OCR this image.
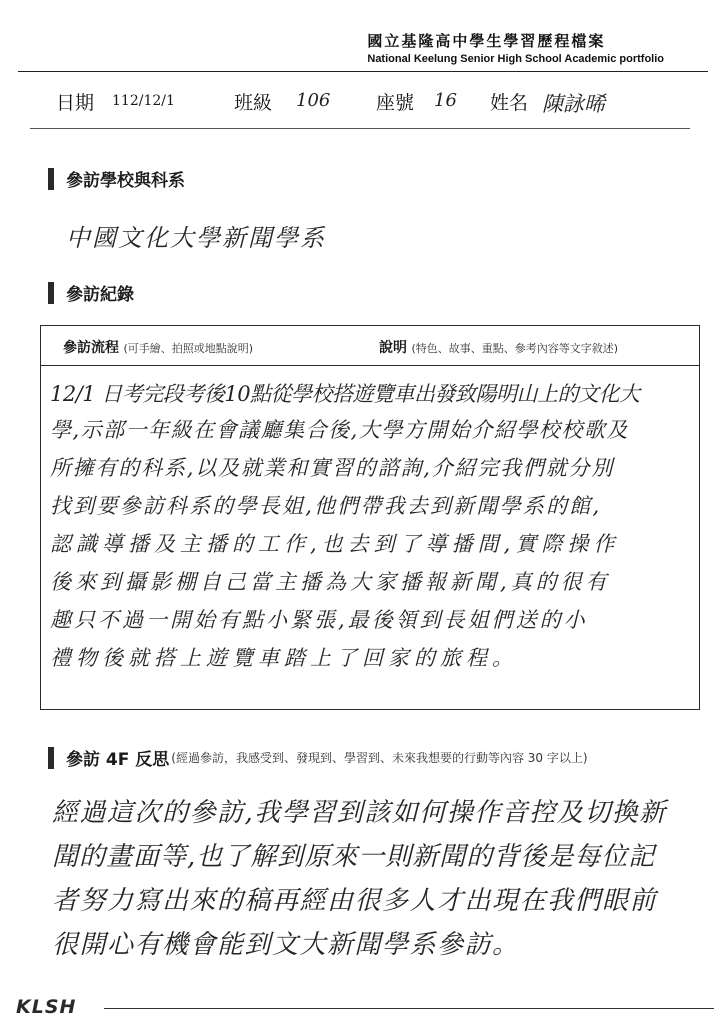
國立基隆高中學生學習歷程檔案
National Keelung Senior High School Academic portfolio
日期 112/12/1	班級 106 座號 16 姓名 陳詠晞
參訪學校與科系
中國文化大學新聞學系
參訪紀錄
參訪流程 (可手繪、拍照或地點說明)	說明 (特色、故事、重點、參考內容等文字敘述)
12/1 日考完段考後10點從學校搭遊覽車出發致陽明山上的文化大
學,示部一年級在會議廳集合後,大學方開始介紹學校校歌及
所擁有的科系,以及就業和實習的諮詢,介紹完我們就分別
找到要參訪科系的學長姐,他們帶我去到新聞學系的館,
認識導播及主播的工作,也去到了導播間,實際操作
後來到攝影棚自己當主播為大家播報新聞,真的很有
趣只不過一開始有點小緊張,最後領到長姐們送的小
禮物後就搭上遊覽車踏上了回家的旅程。
參訪 4F 反思 (經過參訪，我感受到、發現到、學習到、未來我想要的行動等內容 30 字以上)
經過這次的參訪,我學習到該如何操作音控及切換新
聞的畫面等,也了解到原來一則新聞的背後是每位記
者努力寫出來的稿再經由很多人才出現在我們眼前
很開心有機會能到文大新聞學系參訪。
KLSH
